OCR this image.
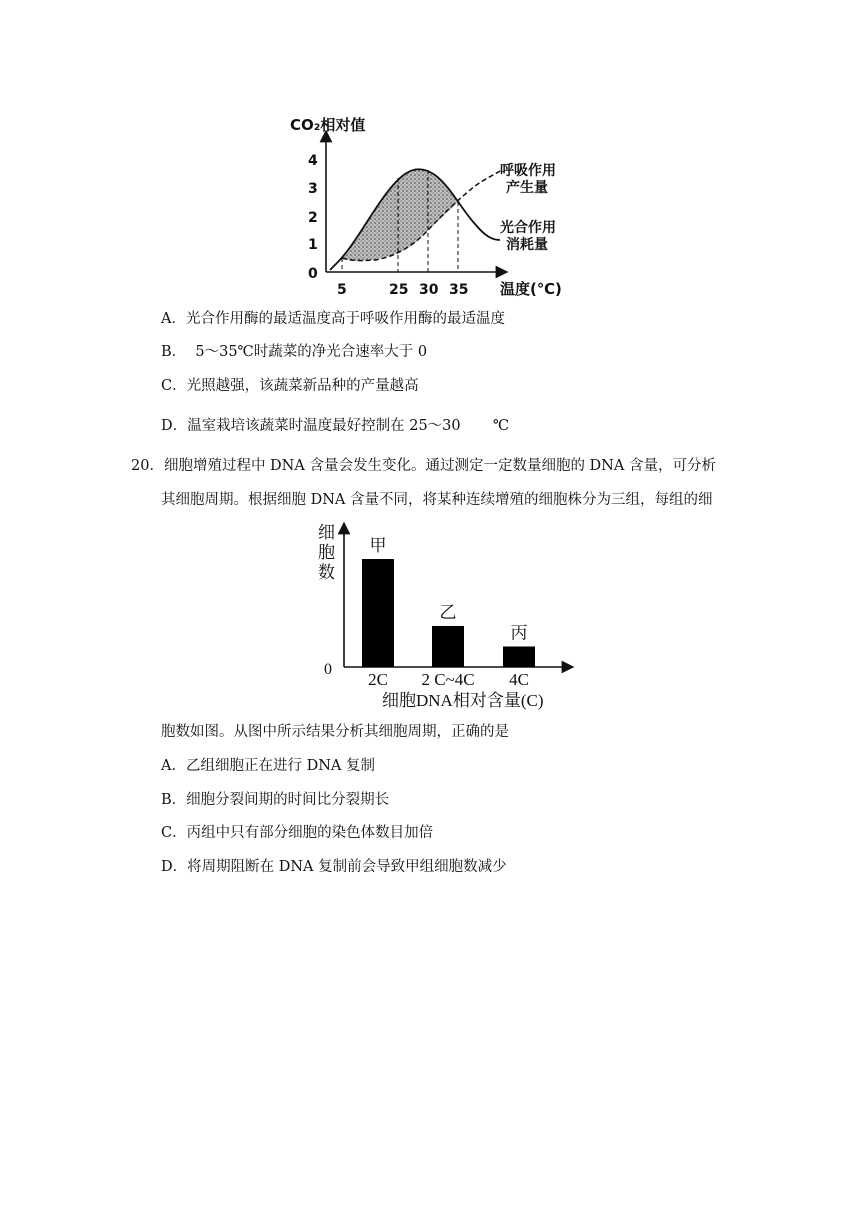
0
1
2
3
4
CO₂相对值
5	25 30 35 温度(℃)
呼吸作用
产生量
光合作用
消耗量
A．光合作用酶的最适温度高于呼吸作用酶的最适温度
B．  5～35℃时蔬菜的净光合速率大于 0
C．光照越强，该蔬菜新品种的产量越高
D．温室栽培该蔬菜时温度最好控制在 25～30       ℃
20．细胞增殖过程中 DNA 含量会发生变化。通过测定一定数量细胞的 DNA 含量，可分析
其细胞周期。根据细胞 DNA 含量不同，将某种连续增殖的细胞株分为三组，每组的细
细
胞
数
0
细胞DNA相对含量(C)
甲
2C
乙
2 C~4C
丙
4C
胞数如图。从图中所示结果分析其细胞周期，正确的是
A．乙组细胞正在进行 DNA 复制
B．细胞分裂间期的时间比分裂期长
C．丙组中只有部分细胞的染色体数目加倍
D．将周期阻断在 DNA 复制前会导致甲组细胞数减少
